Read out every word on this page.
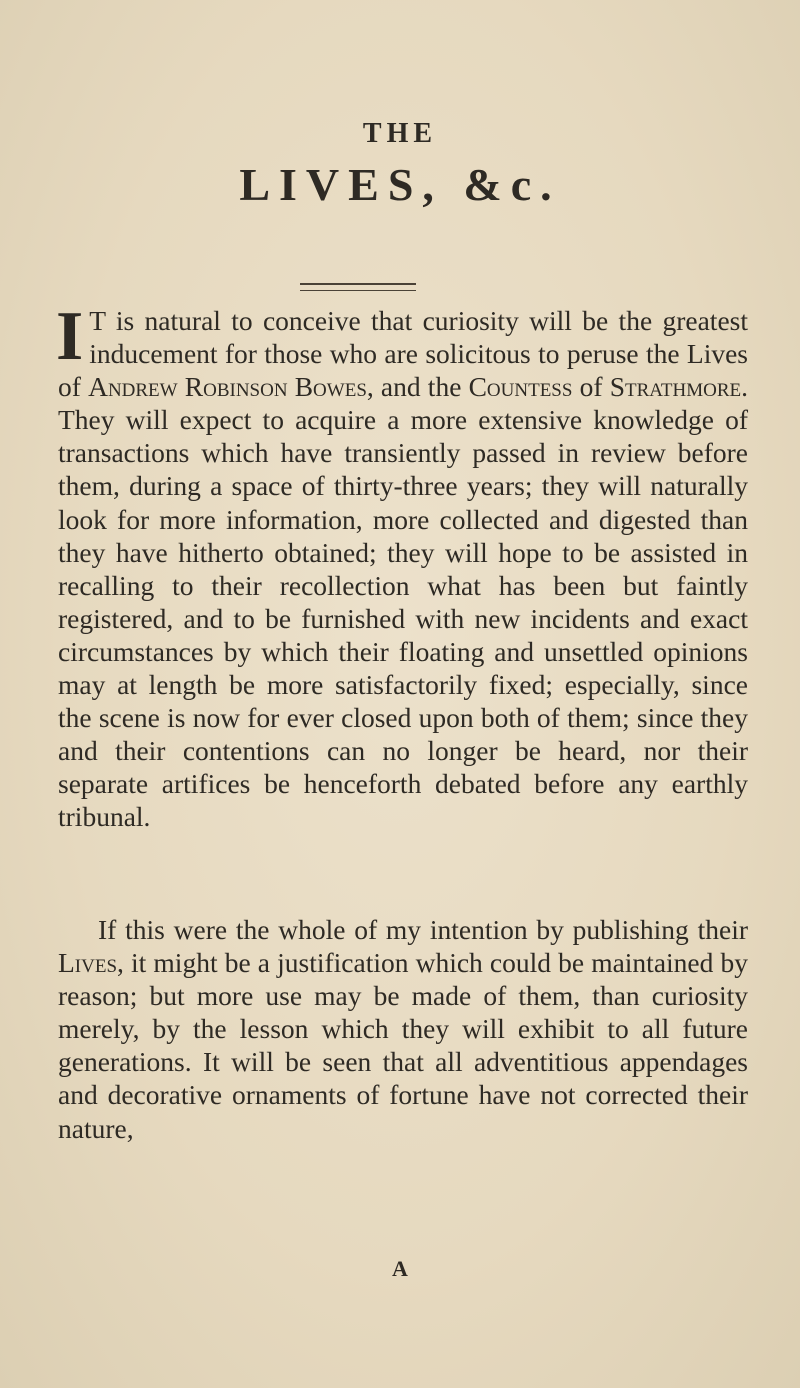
THE
LIVES, &c.
I T is natural to conceive that curiosity will be the greatest inducement for those who are solicitous to peruse the Lives of Andrew Robinson Bowes, and the Countess of Strathmore. They will expect to acquire a more extensive knowledge of transactions which have transiently passed in review before them, during a space of thirty-three years; they will naturally look for more information, more collected and digested than they have hitherto obtained; they will hope to be assisted in recalling to their recollection what has been but faintly registered, and to be furnished with new incidents and exact circumstances by which their floating and unsettled opinions may at length be more satisfactorily fixed; especially, since the scene is now for ever closed upon both of them; since they and their contentions can no longer be heard, nor their separate artifices be henceforth debated before any earthly tribunal.
If this were the whole of my intention by publishing their Lives, it might be a justification which could be maintained by reason; but more use may be made of them, than curiosity merely, by the lesson which they will exhibit to all future generations. It will be seen that all adventitious appendages and decorative ornaments of fortune have not corrected their nature,
A
